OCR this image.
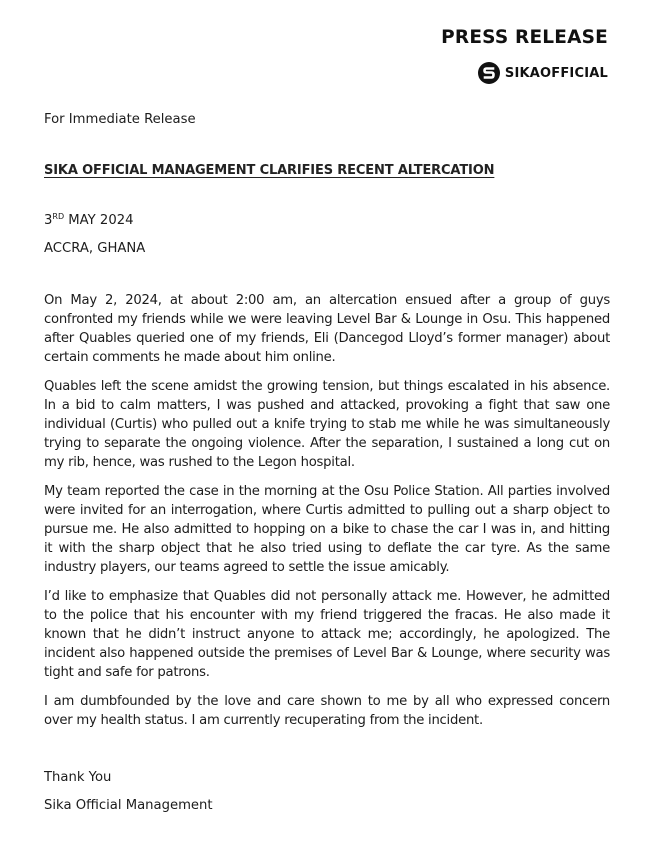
PRESS RELEASE
SIKAOFFICIAL
For Immediate Release
SIKA OFFICIAL MANAGEMENT CLARIFIES RECENT ALTERCATION
3RD MAY 2024
ACCRA, GHANA

On May 2, 2024, at about 2:00 am, an altercation ensued after a group of guys confronted my friends while we were leaving Level Bar & Lounge in Osu. This happened after Quables queried one of my friends, Eli (Dancegod Lloyd’s former manager) about certain comments he made about him online.

Quables left the scene amidst the growing tension, but things escalated in his absence. In a bid to calm matters, I was pushed and attacked, provoking a fight that saw one individual (Curtis) who pulled out a knife trying to stab me while he was simultaneously trying to separate the ongoing violence. After the separation, I sustained a long cut on my rib, hence, was rushed to the Legon hospital.

My team reported the case in the morning at the Osu Police Station. All parties involved were invited for an interrogation, where Curtis admitted to pulling out a sharp object to pursue me. He also admitted to hopping on a bike to chase the car I was in, and hitting it with the sharp object that he also tried using to deflate the car tyre. As the same industry players, our teams agreed to settle the issue amicably.

I’d like to emphasize that Quables did not personally attack me. However, he admitted to the police that his encounter with my friend triggered the fracas. He also made it known that he didn’t instruct anyone to attack me; accordingly, he apologized. The incident also happened outside the premises of Level Bar & Lounge, where security was tight and safe for patrons.

I am dumbfounded by the love and care shown to me by all who expressed concern over my health status. I am currently recuperating from the incident.

Thank You
Sika Official Management
